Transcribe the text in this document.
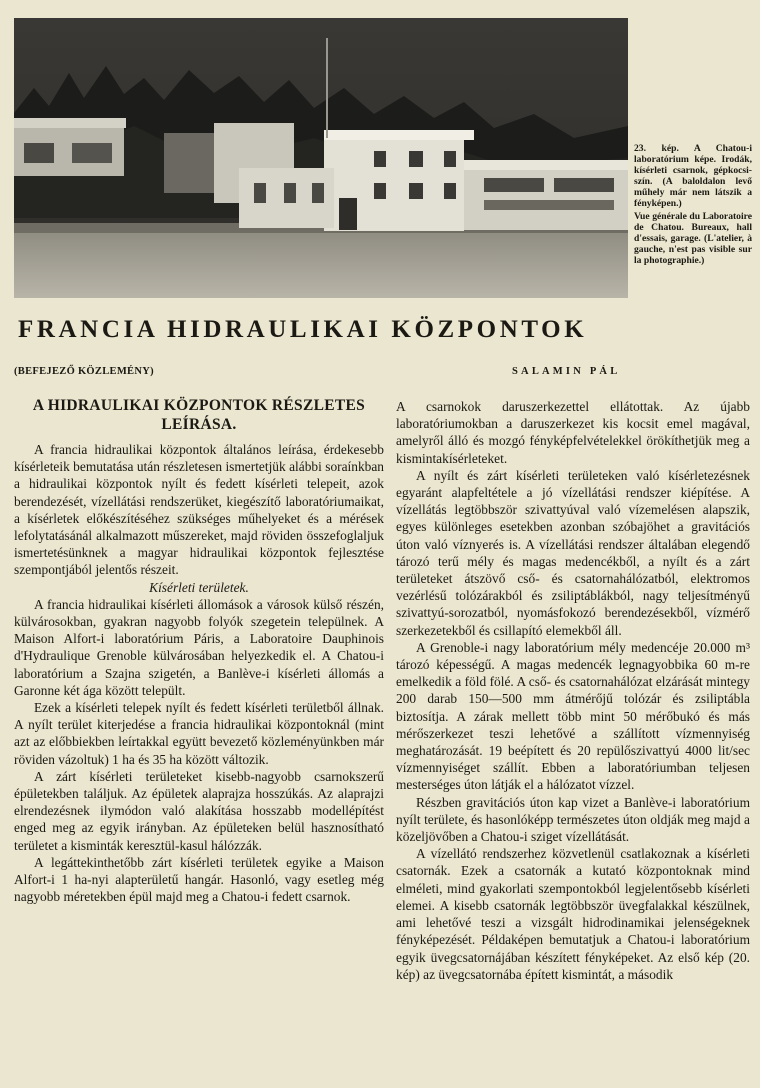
23. kép. A Chatou-i laboratórium képe. Irodák, kísérleti csarnok, gépkocsi-szín. (A baloldalon levő műhely már nem látszik a fényképen.)

Vue générale du Laboratoire de Chatou. Bureaux, hall d'essais, garage. (L'atelier, à gauche, n'est pas visible sur la photographie.)

FRANCIA HIDRAULIKAI KÖZPONTOK
(BEFEJEZŐ KÖZLEMÉNY)	SALAMIN PÁL
A HIDRAULIKAI KÖZPONTOK RÉSZLETES LEÍRÁSA.

A francia hidraulikai központok általános leírása, érdekesebb kísérleteik bemutatása után részletesen ismertetjük alábbi soraínkban a hidraulikai központok nyílt és fedett kísérleti telepeit, azok berendezését, vízellátási rendszerüket, kiegészítő laboratóriumaikat, a kísérletek előkészítéséhez szükséges műhelyeket és a mérések lefolytatásánál alkalmazott műszereket, majd röviden összefoglaljuk ismertetésünknek a magyar hidraulikai központok fejlesztése szempontjából jelentős részeit.

Kísérleti területek.

A francia hidraulikai kísérleti állomások a városok külső részén, külvárosokban, gyakran nagyobb folyók szegetein települnek. A Maison Alfort-i laboratórium Páris, a Laboratoire Dauphinois d'Hydraulique Grenoble külvárosában helyezkedik el. A Chatou-i laboratórium a Szajna szigetén, a Banlève-i kísérleti állomás a Garonne két ága között települt.

Ezek a kísérleti telepek nyílt és fedett kísérleti területből állnak. A nyílt terület kiterjedése a francia hidraulikai központoknál (mint azt az előbbiekben leírtakkal együtt bevezető közleményünkben már röviden vázoltuk) 1 ha és 35 ha között változik.

A zárt kísérleti területeket kisebb-nagyobb csarnokszerű épületekben találjuk. Az épületek alaprajza hosszúkás. Az alaprajzi elrendezésnek ilymódon való alakítása hosszabb modellépítést enged meg az egyik irányban. Az épületeken belül hasznosítható területet a kisminták keresztül-kasul hálózzák.

A legáttekinthetőbb zárt kísérleti területek egyike a Maison Alfort-i 1 ha-nyi alapterületű hangár. Hasonló, vagy esetleg még nagyobb méretekben épül majd meg a Chatou-i fedett csarnok.

A csarnokok daruszerkezettel ellátottak. Az újabb laboratóriumokban a daruszerkezet kis kocsit emel magával, amelyről álló és mozgó fényképfelvételekkel örökíthetjük meg a kismintakísérleteket.

A nyílt és zárt kísérleti területeken való kísérletezésnek egyaránt alapfeltétele a jó vízellátási rendszer kiépítése. A vízellátás legtöbbször szivattyúval való vízemelésen alapszik, egyes különleges esetekben azonban szóbajöhet a gravitációs úton való víznyerés is. A vízellátási rendszer általában elegendő tározó terű mély és magas medencékből, a nyílt és a zárt területeket átszövő cső- és csatornahálózatból, elektromos vezérlésű tolózárakból és zsiliptáblákból, nagy teljesítményű szivattyú-sorozatból, nyomásfokozó berendezésekből, vízmérő szerkezetekből és csillapító elemekből áll.

A Grenoble-i nagy laboratórium mély medencéje 20.000 m³ tározó képességű. A magas medencék legnagyobbika 60 m-re emelkedik a föld fölé. A cső- és csatornahálózat elzárását mintegy 200 darab 150—500 mm átmérőjű tolózár és zsiliptábla biztosítja. A zárak mellett több mint 50 mérőbukó és más mérőszerkezet teszi lehetővé a szállított vízmennyiség meghatározását. 19 beépített és 20 repülőszivattyú 4000 lit/sec vízmennyiséget szállít. Ebben a laboratóriumban teljesen mesterséges úton látják el a hálózatot vízzel.

Részben gravitációs úton kap vizet a Banlève-i laboratórium nyílt területe, és hasonlóképp természetes úton oldják meg majd a közeljövőben a Chatou-i sziget vízellátását.

A vízellátó rendszerhez közvetlenül csatlakoznak a kísérleti csatornák. Ezek a csatornák a kutató központoknak mind elméleti, mind gyakorlati szempontokból legjelentősebb kísérleti elemei. A kisebb csatornák legtöbbször üvegfalakkal készülnek, ami lehetővé teszi a vizsgált hidrodinamikai jelenségeknek fényképezését. Példaképen bemutatjuk a Chatou-i laboratórium egyik üvegcsatornájában készített fényképeket. Az első kép (20. kép) az üvegcsatornába épített kismintát, a második
